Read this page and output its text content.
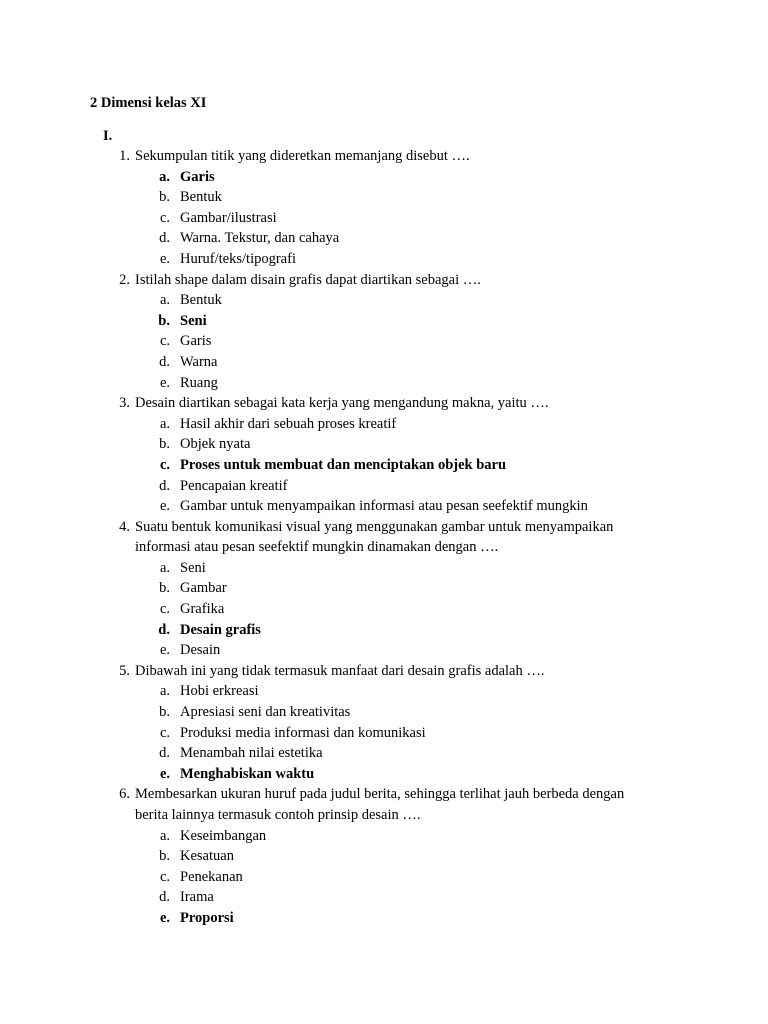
2 Dimensi kelas XI
I.
1 . Sekumpulan titik yang dideretkan memanjang disebut ….
a . Garis
b . Bentuk
c . Gambar/ilustrasi
d . Warna. Tekstur, dan cahaya
e . Huruf/teks/tipografi
2 . Istilah shape dalam disain grafis dapat diartikan sebagai ….
a . Bentuk
b . Seni
c . Garis
d . Warna
e . Ruang
3 . Desain diartikan sebagai kata kerja yang mengandung makna, yaitu ….
a . Hasil akhir dari sebuah proses kreatif
b . Objek nyata
c . Proses untuk membuat dan menciptakan objek baru
d . Pencapaian kreatif
e . Gambar untuk menyampaikan informasi atau pesan seefektif mungkin
4 . Suatu bentuk komunikasi visual yang menggunakan gambar untuk menyampaikan informasi atau pesan seefektif mungkin dinamakan dengan ….
a . Seni
b . Gambar
c . Grafika
d . Desain grafis
e . Desain
5 . Dibawah ini yang tidak termasuk manfaat dari desain grafis adalah ….
a . Hobi erkreasi
b . Apresiasi seni dan kreativitas
c . Produksi media informasi dan komunikasi
d . Menambah nilai estetika
e . Menghabiskan waktu
6 . Membesarkan ukuran huruf pada judul berita, sehingga terlihat jauh berbeda dengan berita lainnya termasuk contoh prinsip desain ….
a . Keseimbangan
b . Kesatuan
c . Penekanan
d . Irama
e . Proporsi
